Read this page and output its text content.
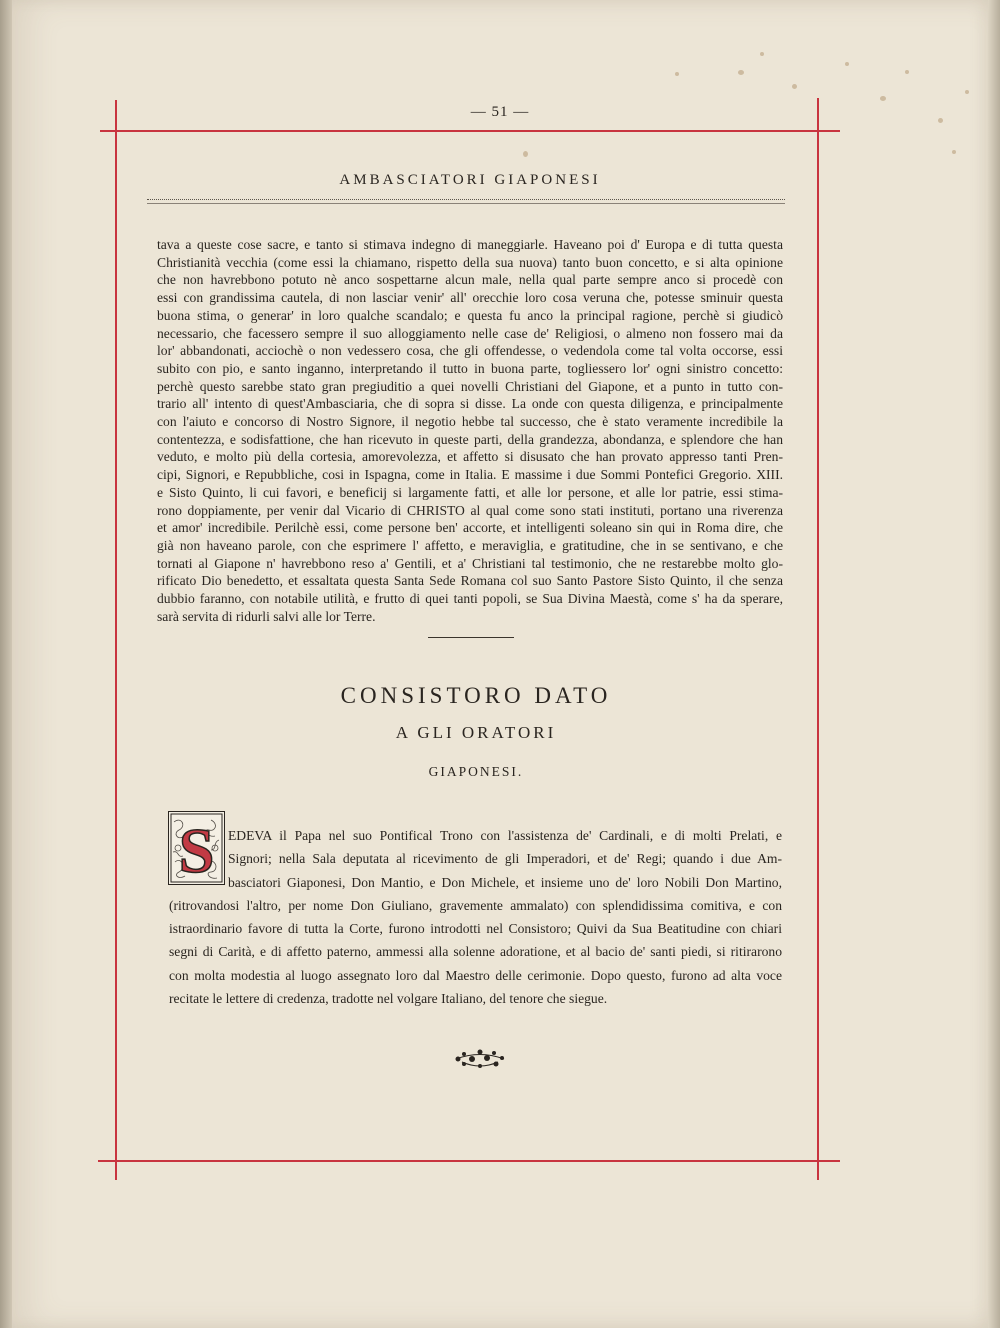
— 51 —
AMBASCIATORI GIAPONESI
tava a queste cose sacre, e tanto si stimava indegno di maneggiarle. Haveano poi d' Europa e di tutta questa
Christianità vecchia (come essi la chiamano, rispetto della sua nuova) tanto buon concetto, e si alta opinione
che non havrebbono potuto nè anco sospettarne alcun male, nella qual parte sempre anco si procedè con
essi con grandissima cautela, di non lasciar venir' all' orecchie loro cosa veruna che, potesse sminuir questa
buona stima, o generar' in loro qualche scandalo; e questa fu anco la principal ragione, perchè si giudicò
necessario, che facessero sempre il suo alloggiamento nelle case de' Religiosi, o almeno non fossero mai da
lor' abbandonati, acciochè o non vedessero cosa, che gli offendesse, o vedendola come tal volta occorse, essi
subito con pio, e santo inganno, interpretando il tutto in buona parte, togliessero lor' ogni sinistro concetto:
perchè questo sarebbe stato gran pregiuditio a quei novelli Christiani del Giapone, et a punto in tutto con-
trario all' intento di quest'Ambasciaria, che di sopra si disse. La onde con questa diligenza, e principalmente
con l'aiuto e concorso di Nostro Signore, il negotio hebbe tal successo, che è stato veramente incredibile la
contentezza, e sodisfattione, che han ricevuto in queste parti, della grandezza, abondanza, e splendore che han
veduto, e molto più della cortesia, amorevolezza, et affetto si disusato che han provato appresso tanti Pren-
cipi, Signori, e Repubbliche, cosi in Ispagna, come in Italia. E massime i due Sommi Pontefici Gregorio. XIII.
e Sisto Quinto, li cui favori, e beneficij si largamente fatti, et alle lor persone, et alle lor patrie, essi stima-
rono doppiamente, per venir dal Vicario di CHRISTO al qual come sono stati instituti, portano una riverenza
et amor' incredibile. Perilchè essi, come persone ben' accorte, et intelligenti soleano sin qui in Roma dire, che
già non haveano parole, con che esprimere l' affetto, e meraviglia, e gratitudine, che in se sentivano, e che
tornati al Giapone n' havrebbono reso a' Gentili, et a' Christiani tal testimonio, che ne restarebbe molto glo-
rificato Dio benedetto, et essaltata questa Santa Sede Romana col suo Santo Pastore Sisto Quinto, il che senza
dubbio faranno, con notabile utilità, e frutto di quei tanti popoli, se Sua Divina Maestà, come s' ha da sperare,
sarà servita di ridurli salvi alle lor Terre.
CONSISTORO DATO
A GLI ORATORI
GIAPONESI.
S EDEVA il Papa nel suo Pontifical Trono con l'assistenza de' Cardinali, e di molti Prelati, e
Signori; nella Sala deputata al ricevimento de gli Imperadori, et de' Regi; quando i due Am-
basciatori Giaponesi, Don Mantio, e Don Michele, et insieme uno de' loro Nobili Don Martino,
(ritrovandosi l'altro, per nome Don Giuliano, gravemente ammalato) con splendidissima comitiva, e con
istraordinario favore di tutta la Corte, furono introdotti nel Consistoro; Quivi da Sua Beatitudine con chiari
segni di Carità, e di affetto paterno, ammessi alla solenne adoratione, et al bacio de' santi piedi, si ritirarono
con molta modestia al luogo assegnato loro dal Maestro delle cerimonie. Dopo questo, furono ad alta voce
recitate le lettere di credenza, tradotte nel volgare Italiano, del tenore che siegue.
